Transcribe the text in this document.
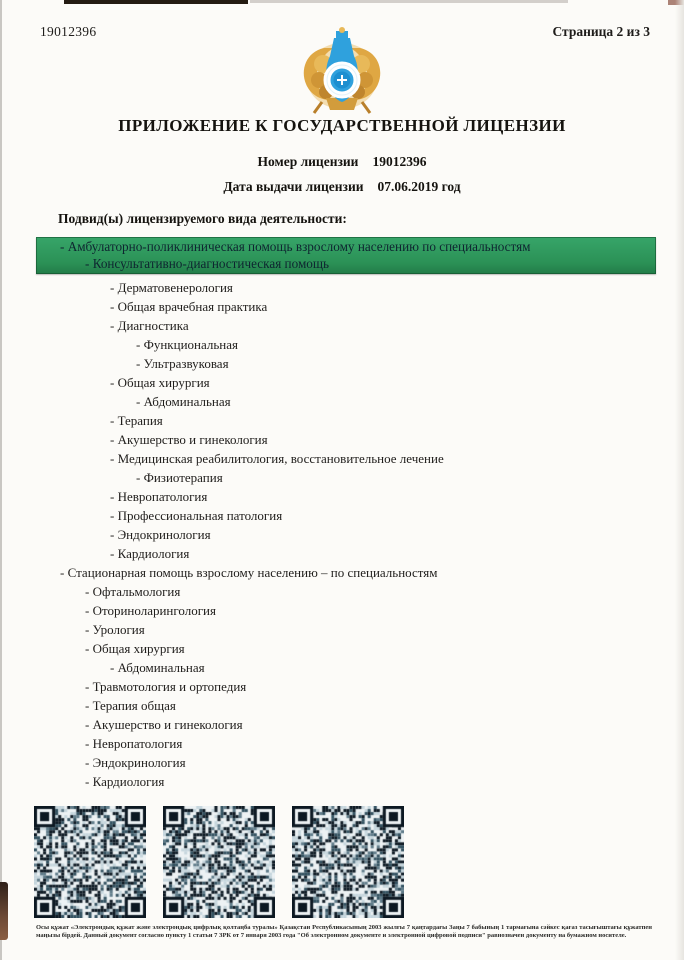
19012396	Страница 2 из 3
ПРИЛОЖЕНИЕ К ГОСУДАРСТВЕННОЙ ЛИЦЕНЗИИ
Номер лицензии 19012396
Дата выдачи лицензии 07.06.2019 год
Подвид(ы) лицензируемого вида деятельности:
- Амбулаторно-поликлиническая помощь взрослому населению по специальностям
- Консультативно-диагностическая помощь
- Дерматовенерология
- Общая врачебная практика
- Диагностика
- Функциональная
- Ультразвуковая
- Общая хирургия
- Абдоминальная
- Терапия
- Акушерство и гинекология
- Медицинская реабилитология, восстановительное лечение
- Физиотерапия
- Невропатология
- Профессиональная патология
- Эндокринология
- Кардиология
- Стационарная помощь взрослому населению – по специальностям
- Офтальмология
- Оториноларингология
- Урология
- Общая хирургия
- Абдоминальная
- Травмотология и ортопедия
- Терапия общая
- Акушерство и гинекология
- Невропатология
- Эндокринология
- Кардиология

Осы құжат «Электрондық құжат және электрондық цифрлық қолтаңба туралы» Қазақстан Республикасының 2003 жылғы 7 қаңтардағы Заңы 7 бабының 1 тармағына сәйкес қағаз тасығыштағы құжатпен маңызы бірдей. Данный документ согласно пункту 1 статьи 7 ЗРК от 7 января 2003 года "Об электронном документе и электронной цифровой подписи" равнозначен документу на бумажном носителе.
